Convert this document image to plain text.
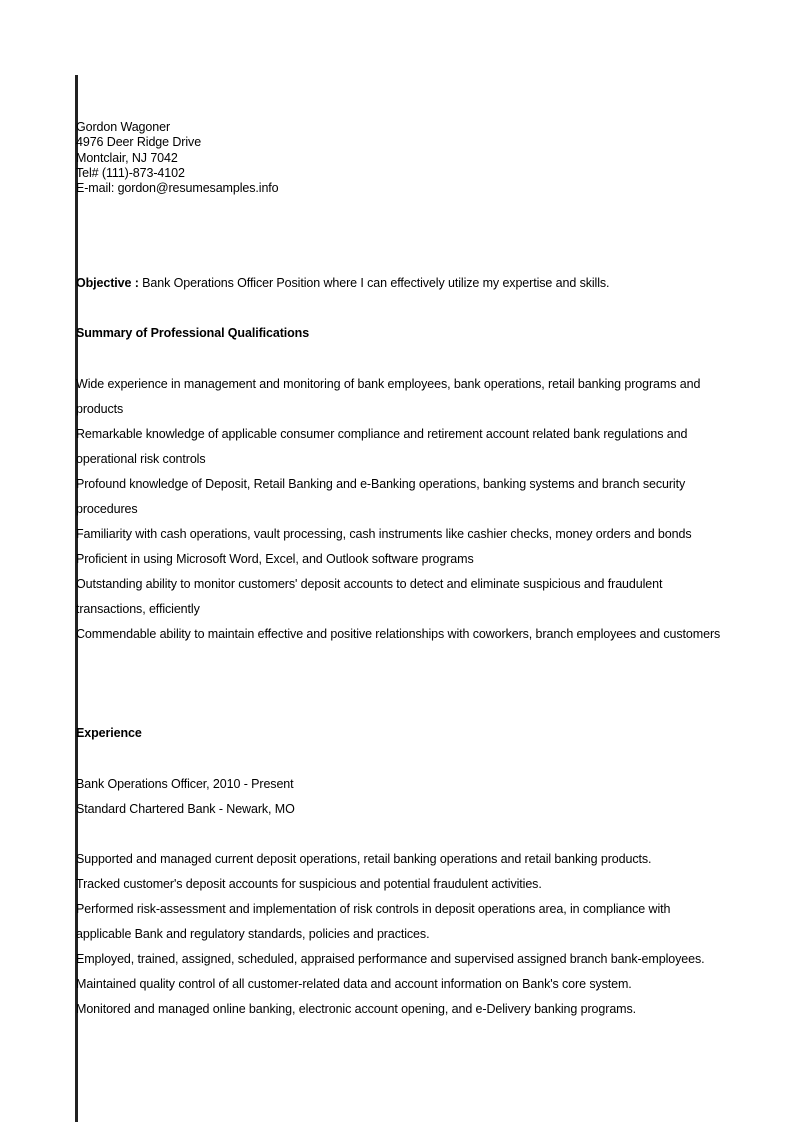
Gordon Wagoner
4976 Deer Ridge Drive
Montclair, NJ 7042
Tel# (111)-873-4102
E-mail: gordon@resumesamples.info
Objective : Bank Operations Officer Position where I can effectively utilize my expertise and skills.
Summary of Professional Qualifications
Wide experience in management and monitoring of bank employees, bank operations, retail banking programs and products
Remarkable knowledge of applicable consumer compliance and retirement account related bank regulations and operational risk controls
Profound knowledge of Deposit, Retail Banking and e-Banking operations, banking systems and branch security procedures
Familiarity with cash operations, vault processing, cash instruments like cashier checks, money orders and bonds
Proficient in using Microsoft Word, Excel, and Outlook software programs
Outstanding ability to monitor customers' deposit accounts to detect and eliminate suspicious and fraudulent transactions, efficiently
Commendable ability to maintain effective and positive relationships with coworkers, branch employees and customers
Experience
Bank Operations Officer, 2010 - Present
Standard Chartered Bank - Newark, MO
Supported and managed current deposit operations, retail banking operations and retail banking products.
Tracked customer's deposit accounts for suspicious and potential fraudulent activities.
Performed risk-assessment and implementation of risk controls in deposit operations area, in compliance with applicable Bank and regulatory standards, policies and practices.
Employed, trained, assigned, scheduled, appraised performance and supervised assigned branch bank-employees.
Maintained quality control of all customer-related data and account information on Bank's core system.
Monitored and managed online banking, electronic account opening, and e-Delivery banking programs.
